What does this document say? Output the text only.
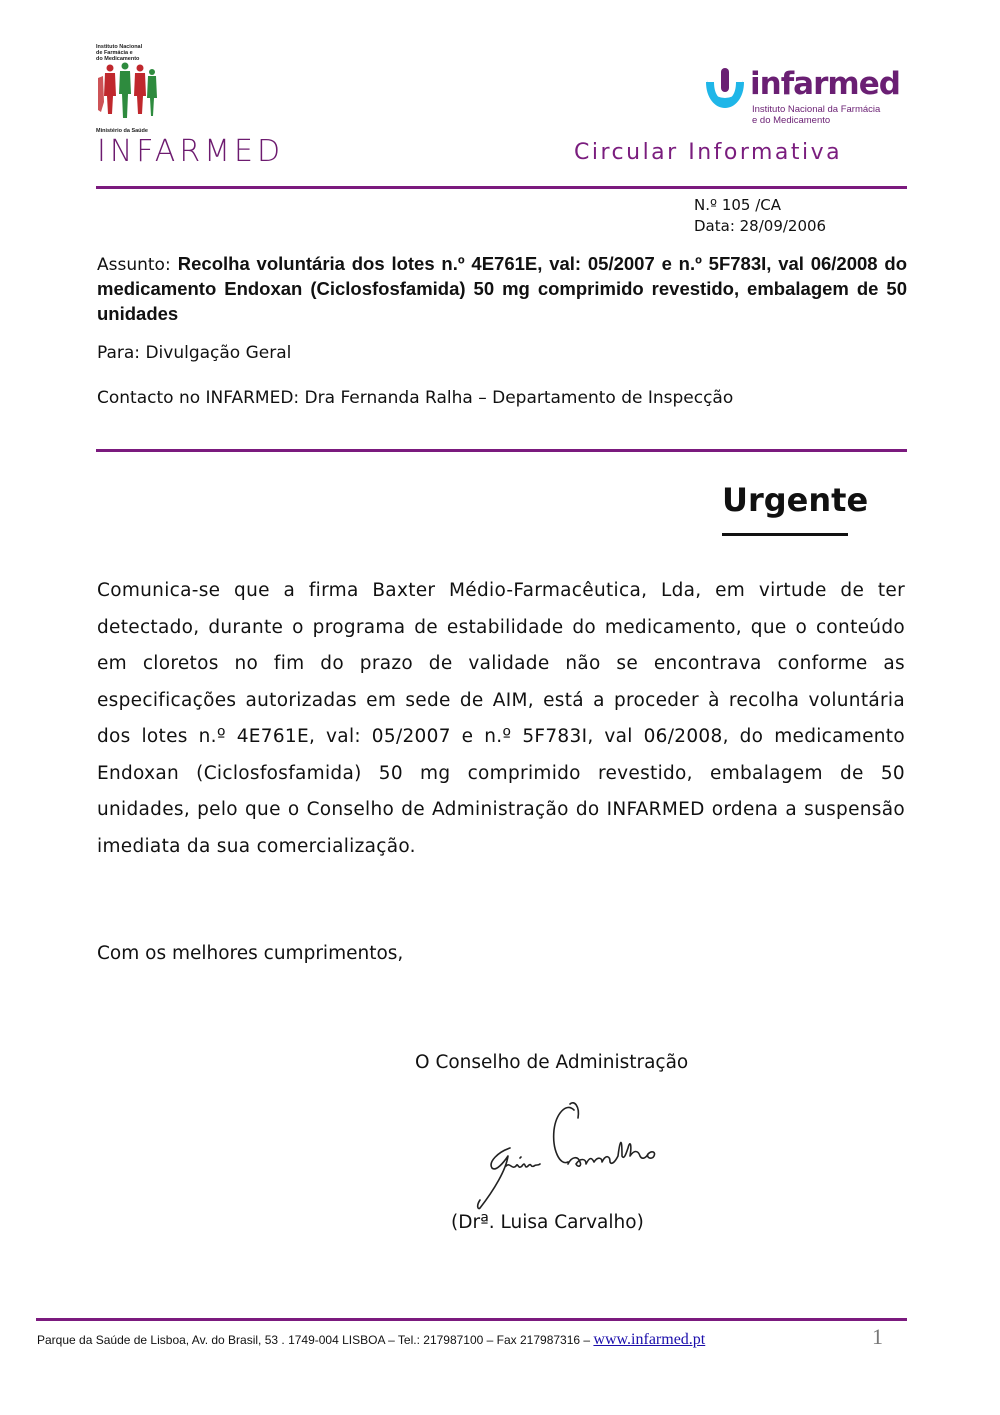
Instituto Nacional
de Farmácia e
do Medicamento
Ministério da Saúde
INFARMED
infarmed
Instituto Nacional da Farmácia
e do Medicamento
Circular Informativa
N.º 105 /CA
Data: 28/09/2006
Assunto: Recolha voluntária dos lotes n.º 4E761E, val: 05/2007 e n.º 5F783I, val 06/2008 do medicamento Endoxan (Ciclosfosfamida) 50 mg comprimido revestido, embalagem de 50 unidades
Para: Divulgação Geral
Contacto no INFARMED: Dra Fernanda Ralha – Departamento de Inspecção
Urgente
Comunica-se que a firma Baxter Médio-Farmacêutica, Lda, em virtude de ter detectado, durante o programa de estabilidade do medicamento, que o conteúdo em cloretos no fim do prazo de validade não se encontrava conforme as especificações autorizadas em sede de AIM, está a proceder à recolha voluntária dos lotes n.º 4E761E, val: 05/2007 e n.º 5F783I, val 06/2008, do medicamento Endoxan (Ciclosfosfamida) 50 mg comprimido revestido, embalagem de 50 unidades, pelo que o Conselho de Administração do INFARMED ordena a suspensão imediata da sua comercialização.
Com os melhores cumprimentos,
O Conselho de Administração
(Drª. Luisa Carvalho)
Parque da Saúde de Lisboa, Av. do Brasil, 53 . 1749-004 LISBOA – Tel.: 217987100 – Fax 217987316 – www.infarmed.pt	1
